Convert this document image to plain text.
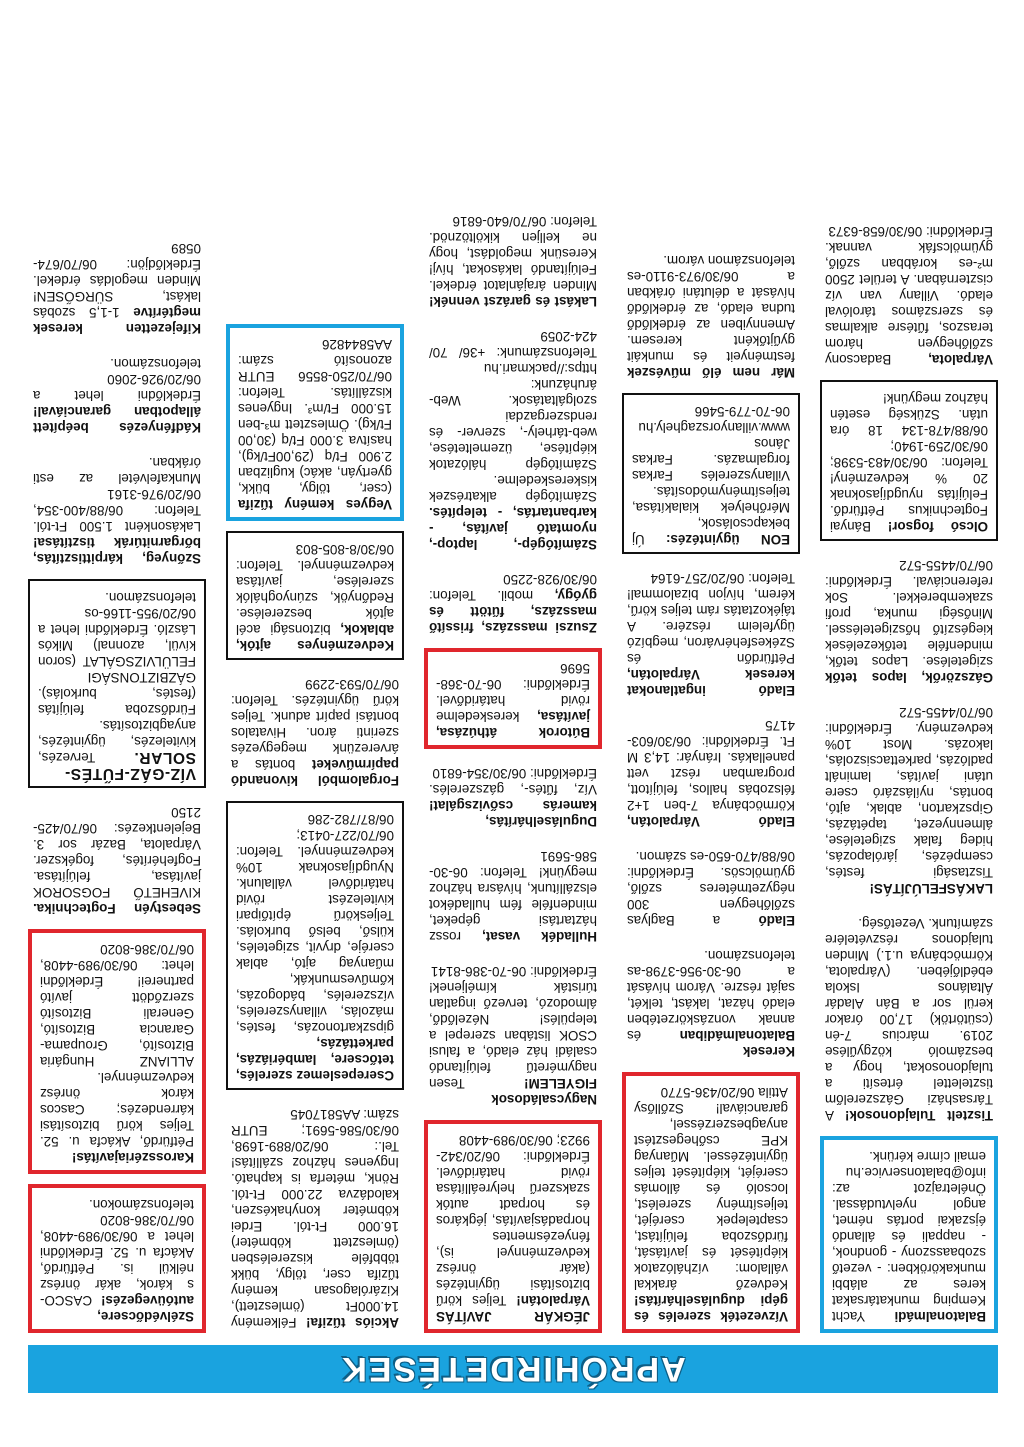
APRÓHIRDETÉSEK
Balatonalmádi Yacht Kemping munkatársakat keres az alábbi munkakörökben: - vezető szobaasszony - gondnok, - nappali és állandó éjszakai portás német, angol nyelvtudással. Önéletrajzot az: info@balatonservice.hu email címre kérünk.
Tisztelt Tulajdonosok! A Társasházi Gázszerelőm tisztelettel értesíti a tulajdonosokat, hogy a beszámoló közgyűlése 2019. március 7-én (csütörtök) 17,00 órakor kerül sor a Bán Aladár Általános Iskola ebédlőjében. (Várpalota, Körmöcbánya u.1.) Minden tulajdonos részvételére számítunk. Vezetőség.
LAKÁSFELÚJÍTÁS! Tisztasági festés, csempézés, járólapozás, hideg falak szigetelése, álmennyezet, tapétázás, Gipszkarton, ablak, ajtó, bontás, nyílászáró csere utáni javítás, laminált padlózás, parkettacsiszolás, lakozás. Most 10% kedvezmény. Érdeklődni: 06/70/4455-572
Gázszörők, lapos tetők szigetelése. Lapos tetők, mindenféle tetőkezelések kiegészítő hőszigeteléssel. Minőségi munka, profi szakemberekkel. Sok referenciával. Érdeklődni: 06/70/4455-572
Olcsó fogsor! Bányai Fogtechnikus Pétfürdő. Felújítás nyugdíjasoknak 20 % kedvezmény! Telefon: 06/30/483-5398; 06/30/259-1940; 06/88/478-134 18 óra után. Szükség esetén házhoz megyünk!
Várpalota, Badacsony szőlőhegyen három teraszos, fűtésre alkalmas és szerszámos tárolóval eladó. Villany van víz ciszternában. A terület 2500 m²-es korábban szőlő, gyümölcsfák vannak. Érdeklődni: 06/30/658-6373
Vízvezeték szerelés és gépi duguláselhárítás! Kedvező árakkal vállalom: vízhálózatok kiépítését és javítását, fürdőszoba felújítást, csaptelepek cseréjét, teljesítmény szerelést, locsoló és állomás cseréjét, kiépítését teljes ügyintézéssel. Műanyag KPE csőhegesztést anyagbeszerzéssel, garanciával! Szőllősy Attila 06/20/436-5770
Keresek Balatonalmádiban és annak vonzáskörzetében eladó házat, lakást, telkét, saját részre. Várom hívását a 06-30-956-3798-as telefonszámon.
Eladó a Baglyas szőlőhegyen 300 négyzetméteres szőlő, gyümölcsös. Érdeklődni: 06/88/470-650-es számon.
Eladó Várpalotán, Körmöcbánya 7-ben 1+2 félszobás hallos, felújított, programban részt vett panellakás. Irányár: 14,3 M Ft. Érdeklődni: 06/30/603-4175
Eladó ingatlanokat keresek Várpalotán, Pétfürdőn és Székesfehérváron, megbízó ügyfeleim részére. A tájékoztatás rám teljes körű, kérem, hívjon bizalommal! Telefon: 06/20/257-6164
EON ügyintézés: Új bekapcsolások, Mérőhelyek kialakítása, teljesítménymódosítás. Villanyszerelés Farkas forgalmazás. Farkas János www.villanyorszaghely.hu 06-70-779-5466
Már nem élő művészek festményeit és munkáit gyűjtőként keresem. Amennyiben az érdeklődő tudna eladó, az érdeklődő hívását a délutáni órákban a 06/30/973-9110-es telefonszámon várom.
JÉGKÁR JAVÍTÁS Várpalotán! Teljes körű biztosítási ügyintézés (akár önrész kedvezménnyel is), fényezésmentes horpadásjavítás, jégkáros és horpadt autók szakszerű helyreállítása rövid határidővel. Érdeklődni: 06/20/342-9923; 06/30/989-4408
Nagycsaládosok FIGYELEM! Tesen nagyméretű felújítandó családi ház eladó, a falusi CSOK listában szerepel a település! Nézelődő, álmodozó, tervező ingatlan túristák kíméljenek! Érdeklődni: 06-70-386-8141
Hulladék vasat, rossz háztartási gépeket, mindenféle fém hulladékot elszállítunk, hívásra házhoz megyünk! Telefon: 06-30-586-5691
Duguláselhárítás, kamerás csővizsgálat! Víz, fűtés-, gázszerelés. Érdeklődni: 06/30/354-6810
Bútorok áthúzása, javítása, kereskedelme rövid határidővel. Érdeklődni: 06-70-368-5696
Zsuzsi masszázs, frissítő masszázs, fűtött és gyógy, mobil. Telefon: 06/30/928-2250
Számítógép-, laptop-, nyomtató javítás, - karbantartás, - telepítés. Számítógép alkatrészek kiskereskedelme. Számítógép hálózatok kiépítése, üzemeltetése, web-tárhely-, szerver- és rendszergazdai szolgáltatások. Web-áruházunk: https://packmari.hu Telefonszámunk: +36/ 70/ 424-2059
Lakást és garázst vennék! Minden árajánlatot érdekel. Felújítandó lakásokat, hívj! Keresünk megoldást, hogy ne kelljen kiköltöznöd. Telefon: 06/70/640-6816
Akciós tűzifa! Félkemény 14.000Ft (ömlesztett), Kizárólagosan kemény tűzifa cser, tölgy, bükk többféle kiszerelésben (ömlesztett köbméter) 16.000 Ft-tól. Erdei köbméter konyhakészen, kalodázva 22.000 Ft-tól. Rönk, méterfa is kapható. Ingyenes házhoz szállítás! Tel.: 06/20/889-1698, 06/30/586-5691; EUTR szám: AA5817045
Cserepeslemez szerelés, tetőcsere, lambériázás, parkettázás, gipszkartonozás, festés, mázolás, villanyszerelés, vízszerelés, bádogozás, kőművesmunkák, műanyag ajtó, ablak cseréje, dryvit, szigetelés, külső, belső burkolás. Teljeskörű építőipari kivitelezést rövid határidővel vállalunk. Nyugdíjasoknak 10% kedvezménnyel. Telefon: 06/70/227-0413; 06/87/782-286
Forgalomból kivonandó papírműveket bontás a árverezünk megegyezés szerinti áron. Hivatalos bontási papírt adunk. Teljes körű ügyintézés. Telefon: 06/70/593-2299
Kedvezményes ajtók, ablakok, biztonsági acél ajtók beszerelése. Redőnyök, szúnyoghálók szerelése, javítása kedvezménnyel. Telefon: 06/30/8-805-803
Vegyes kemény tűzifa (cser, tölgy, bükk, gyertyán, akác) kuglizban 2.900 Ft/q (29,00Ft/kg), hasítva 3.000 Ft/q (30,00 Ft/kg). Ömlesztett m³-ben 15.000 Ft/m³. Ingyenes kiszállítás. Telefon: 06/70/250-8556 EUTR azonosító szám: AA5844826
Szélvédőcsere, autóüvegezés! CASCO-s károk, akár önrész nélkül is. Pétfürdő, Akácfa u. 52. Érdeklődni lehet a 06/30/989-4408, 06/70/386-8020 telefonszámokon.
Karosszériajavítás! Pétfürdő, Akácfa u. 52. Teljes körű biztosítási kárrendezés; Cascos károk önrész kedvezménnyel. ALLIANZ Hungária Biztosító, Groupama-Garancia Biztosító, Generali Biztosító szerződött javító partnerei! Érdeklődni lehet: 06/30/989-4408, 06/70/386-8020
Sebestyén Fogtechnika. KIVEHETŐ FOGSOROK javítása, felújítása. Fogfehérítés, fogékszer. Várpalota, Bazár sor 3. Bejelentkezés: 06/70/425-2150
VÍZ-GÁZ-FŰTÉS-SOLAR. Tervezés, kivitelezés, ügyintézés, anyagbiztosítás. Fürdőszoba felújítás (festés, burkolás). GÁZBIZTONSÁGI FELÜLVIZSGÁLAT (soron kívül, azonnal) Mikós László. Érdeklődni lehet a 06/20/955-1166-os telefonszámon.
Szőnyeg, kárpittisztítás, bőrgarnitúrák tisztítása! Lakásonként 1.500 Ft-tól. Telefon: 06/88/400-354, 06/20/976-3161 Munkafelvétel az esti órákban.
Kádfényezés beépített állapotban garanciával! Érdeklődni lehet a 06/20/926-2060 telefonszámon.
Kifejezetten keresek megtérítve 1-1,5 szobás lakást, SÜRGŐSEN! Minden megoldás érdekel. Érdeklődjön: 06/70/674-0589
